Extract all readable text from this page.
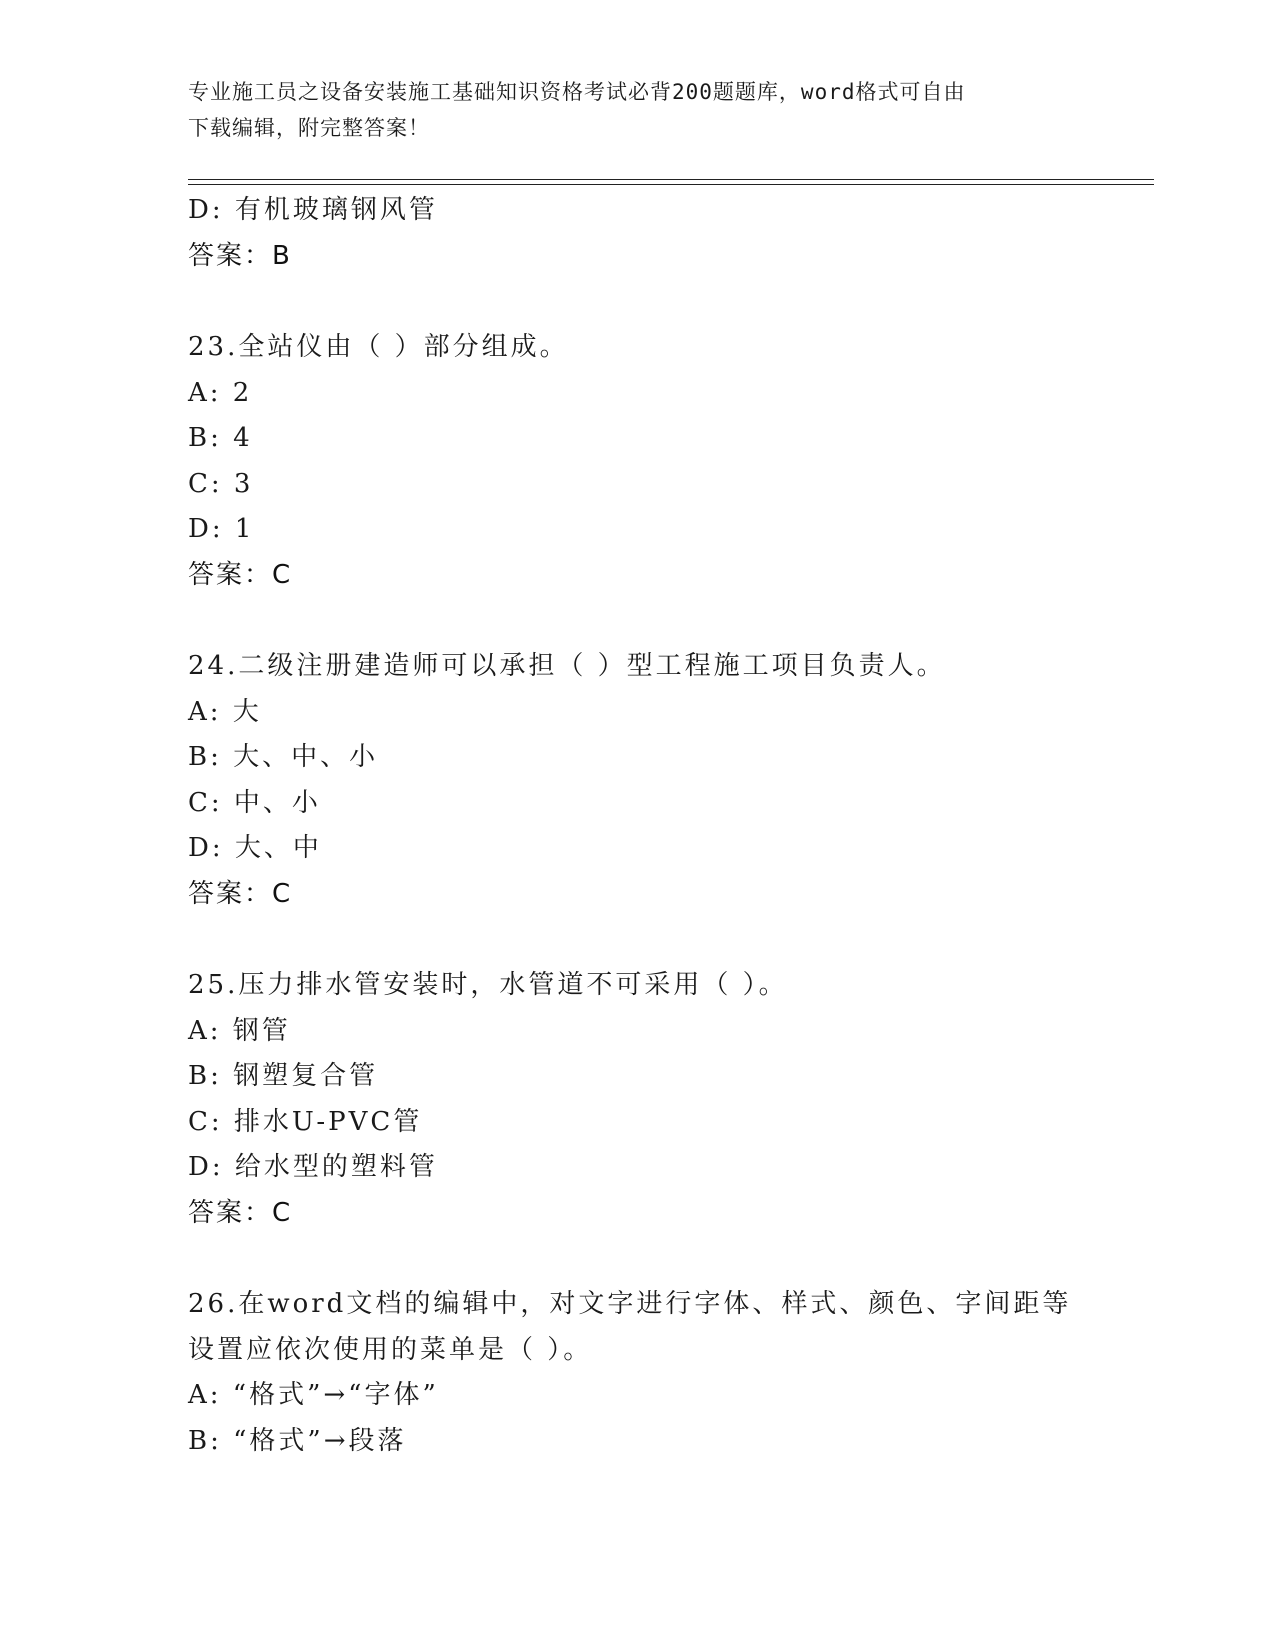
专业施工员之设备安装施工基础知识资格考试必背200题题库，word格式可自由
下载编辑，附完整答案！
D: 有机玻璃钢风管
答案：B
23.全站仪由（ ）部分组成。
A: 2
B: 4
C: 3
D: 1
答案：C
24.二级注册建造师可以承担（ ）型工程施工项目负责人。
A: 大
B: 大、中、小
C: 中、小
D: 大、中
答案：C
25.压力排水管安装时，水管道不可采用（ ）。
A: 钢管
B: 钢塑复合管
C: 排水U-PVC管
D: 给水型的塑料管
答案：C
26.在word文档的编辑中，对文字进行字体、样式、颜色、字间距等
设置应依次使用的菜单是（ ）。
A: “格式”→“字体”
B: “格式”→段落
